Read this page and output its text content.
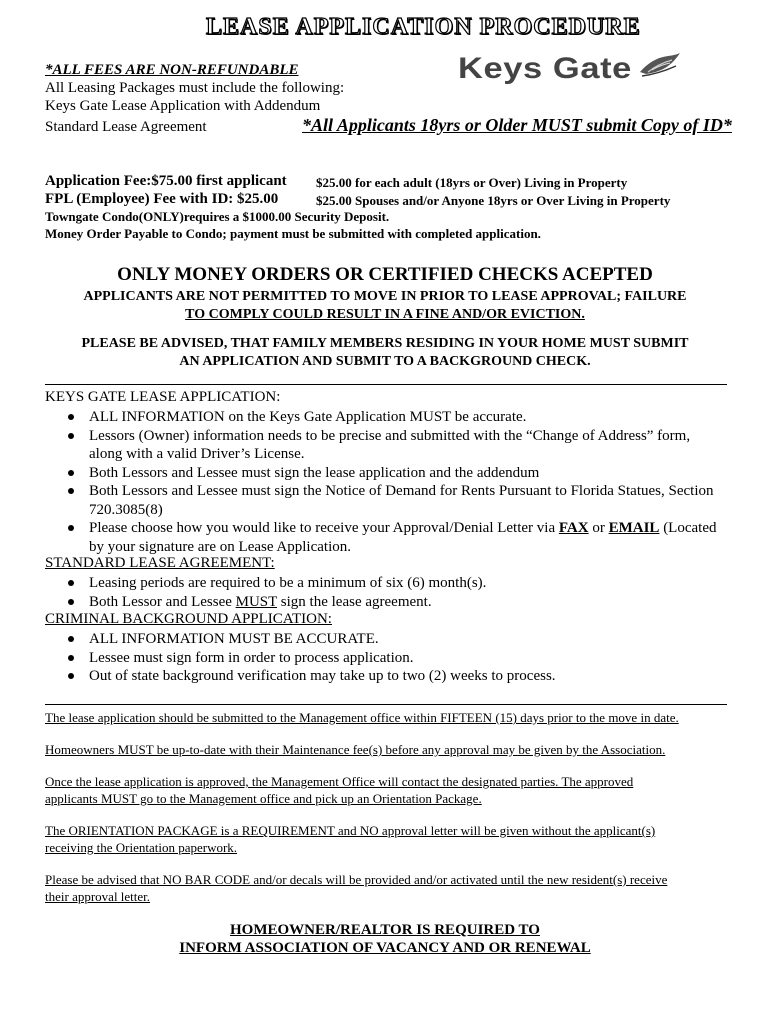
LEASE APPLICATION PROCEDURE
Keys Gate
*ALL FEES ARE NON-REFUNDABLE
All Leasing Packages must include the following:
Keys Gate Lease Application with Addendum
Standard Lease Agreement	*All Applicants 18yrs or Older MUST submit Copy of ID*
Application Fee:$75.00 first applicant $25.00 for each adult (18yrs or Over) Living in Property
FPL (Employee) Fee with ID: $25.00	$25.00 Spouses and/or Anyone 18yrs or Over Living in Property
Towngate Condo(ONLY)requires a $1000.00 Security Deposit.
Money Order Payable to Condo; payment must be submitted with completed application.
ONLY MONEY ORDERS OR CERTIFIED CHECKS ACEPTED
APPLICANTS ARE NOT PERMITTED TO MOVE IN PRIOR TO LEASE APPROVAL; FAILURE
TO COMPLY COULD RESULT IN A FINE AND/OR EVICTION.
PLEASE BE ADVISED, THAT FAMILY MEMBERS RESIDING IN YOUR HOME MUST SUBMIT
AN APPLICATION AND SUBMIT TO A BACKGROUND CHECK.
KEYS GATE LEASE APPLICATION:
ALL INFORMATION on the Keys Gate Application MUST be accurate.
Lessors (Owner) information needs to be precise and submitted with the “Change of Address” form,
along with a valid Driver’s License.
Both Lessors and Lessee must sign the lease application and the addendum
Both Lessors and Lessee must sign the Notice of Demand for Rents Pursuant to Florida Statues, Section
720.3085(8)
Please choose how you would like to receive your Approval/Denial Letter via FAX or EMAIL (Located
by your signature are on Lease Application.
STANDARD LEASE AGREEMENT:
Leasing periods are required to be a minimum of six (6) month(s).
Both Lessor and Lessee MUST sign the lease agreement.
CRIMINAL BACKGROUND APPLICATION:
ALL INFORMATION MUST BE ACCURATE.
Lessee must sign form in order to process application.
Out of state background verification may take up to two (2) weeks to process.
The lease application should be submitted to the Management office within FIFTEEN (15) days prior to the move in date.
Homeowners MUST be up-to-date with their Maintenance fee(s) before any approval may be given by the Association.
Once the lease application is approved, the Management Office will contact the designated parties. The approved
applicants MUST go to the Management office and pick up an Orientation Package.
The ORIENTATION PACKAGE is a REQUIREMENT and NO approval letter will be given without the applicant(s)
receiving the Orientation paperwork.
Please be advised that NO BAR CODE and/or decals will be provided and/or activated until the new resident(s) receive
their approval letter.
HOMEOWNER/REALTOR IS REQUIRED TO
INFORM ASSOCIATION OF VACANCY AND OR RENEWAL
